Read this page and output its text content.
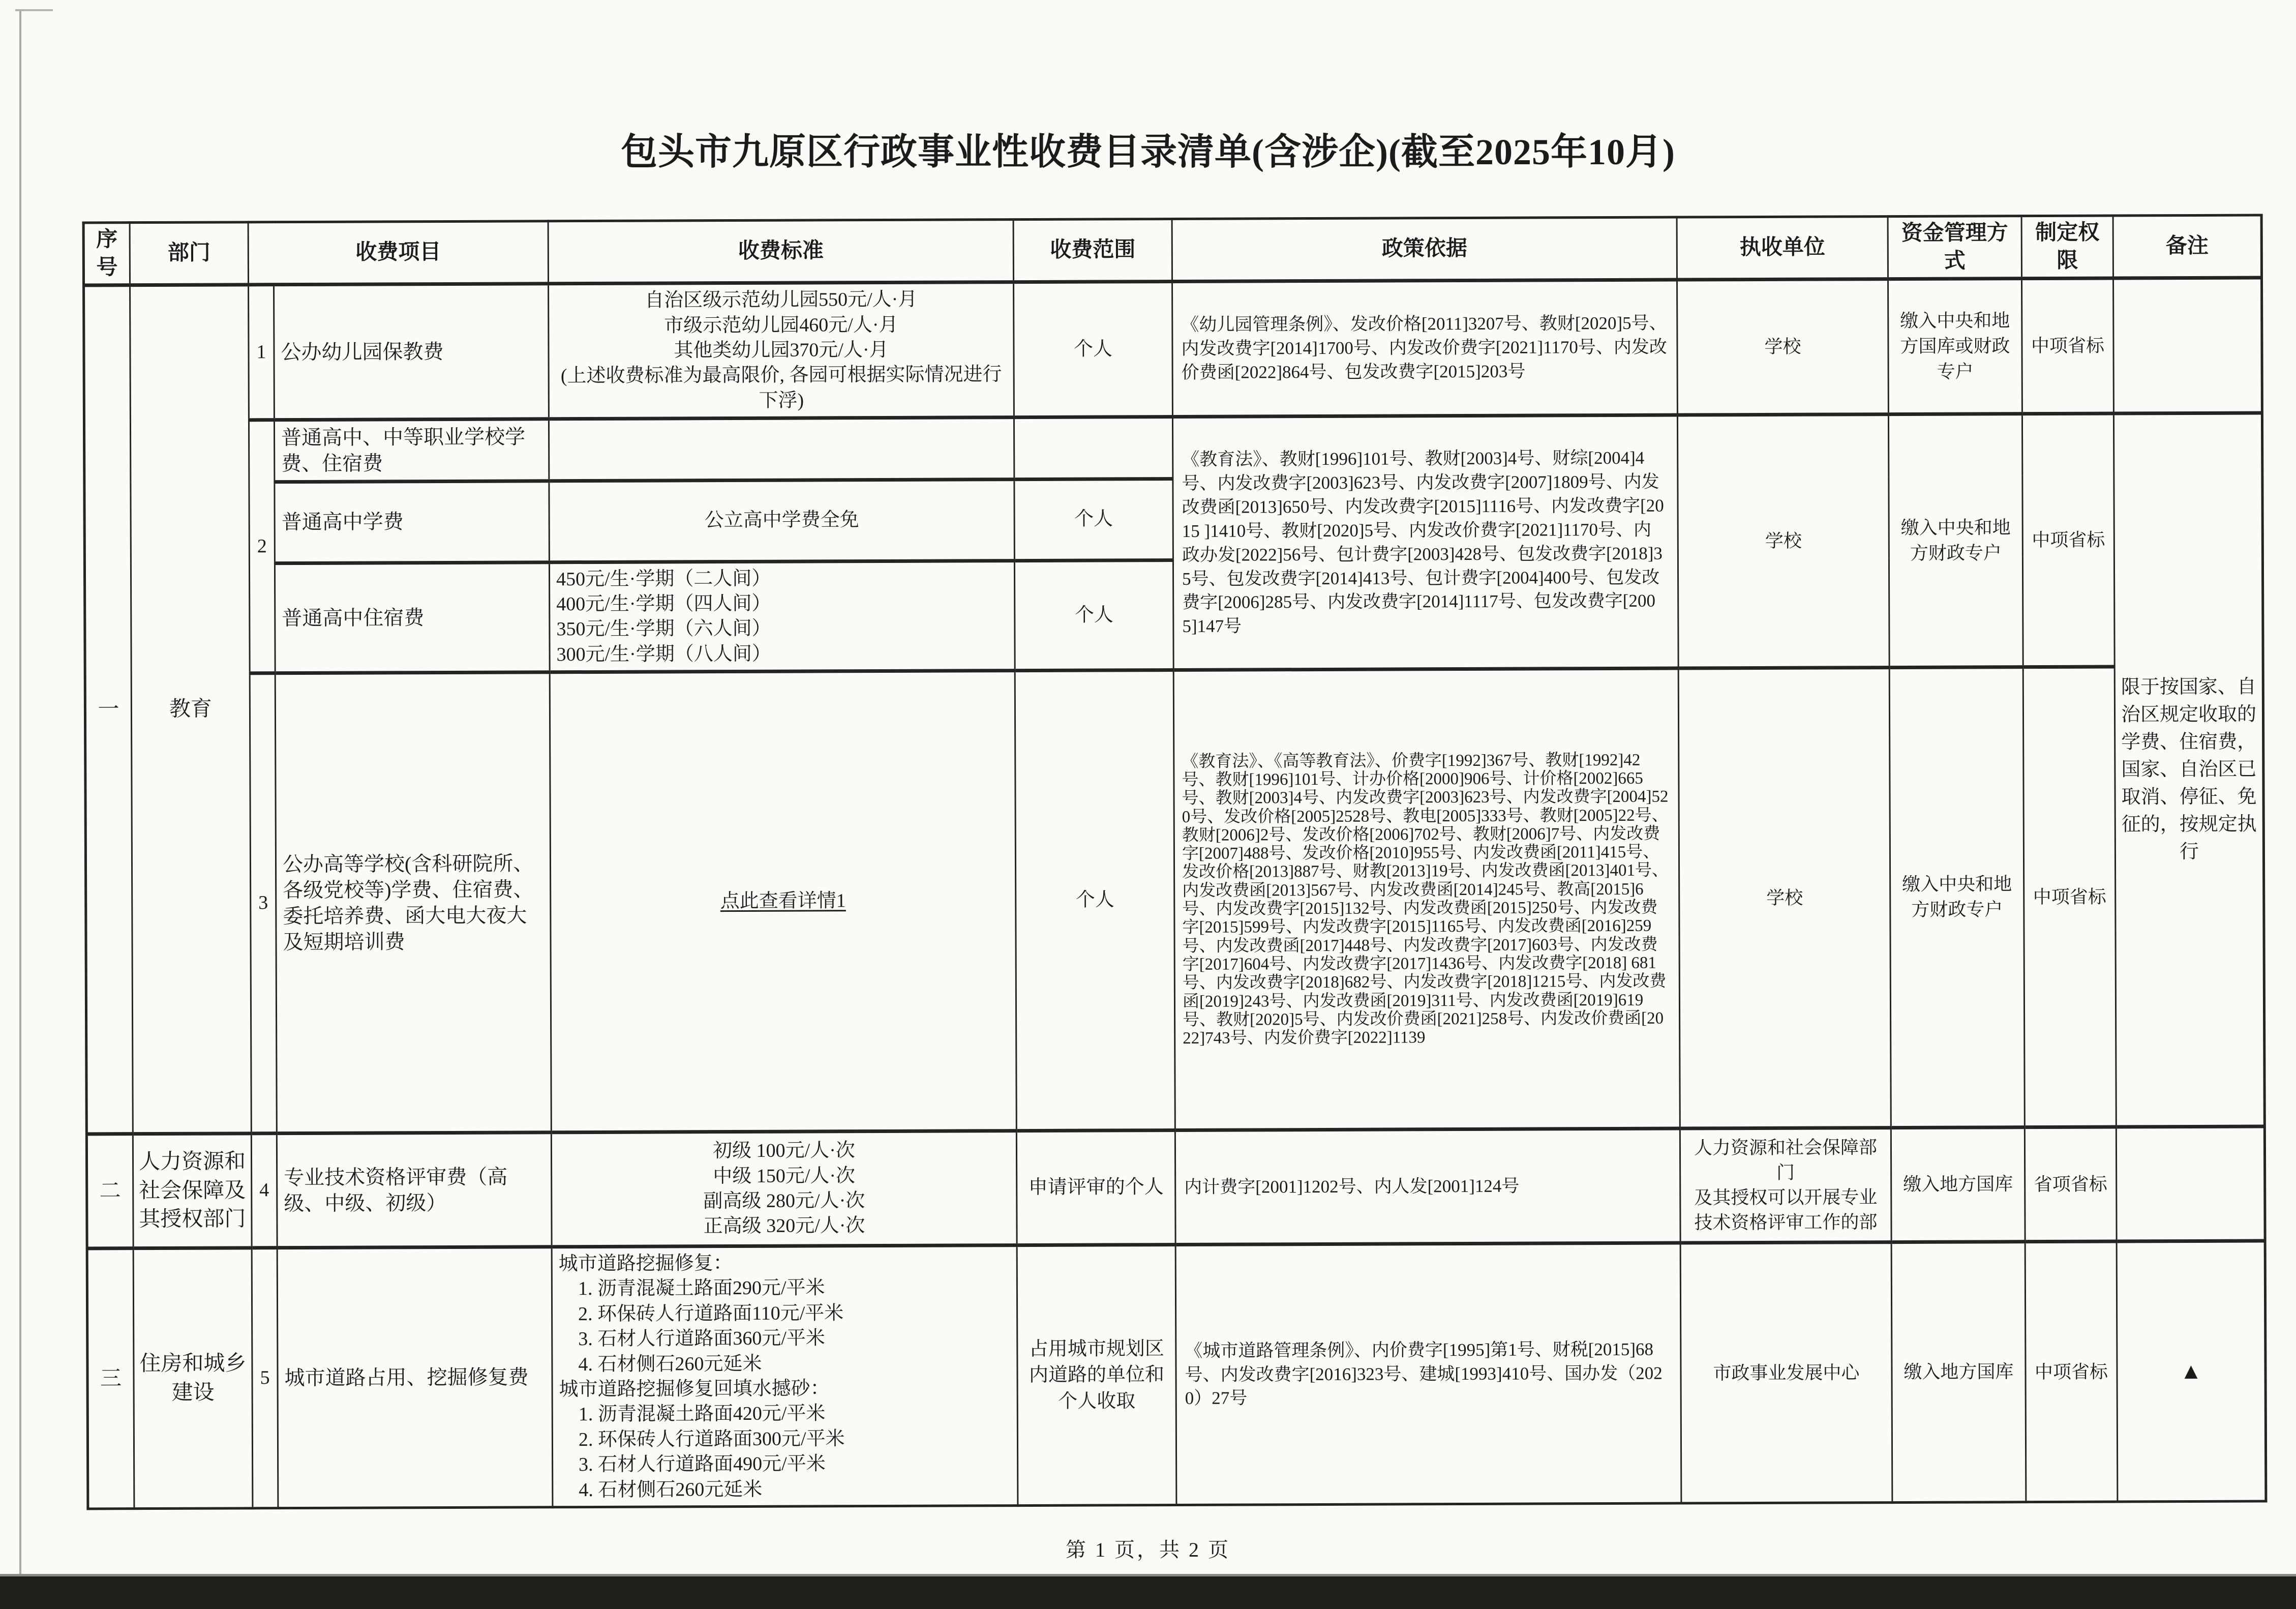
包头市九原区行政事业性收费目录清单(含涉企)(截至2025年10月)
序号	部门	收费项目		收费标准	收费范围	政策依据	执收单位	资金管理方式	制定权限	备注
一	教育	1	公办幼儿园保教费	自治区级示范幼儿园550元/人·月
市级示范幼儿园460元/人·月
其他类幼儿园370元/人·月
(上述收费标准为最高限价, 各园可根据实际情况进行下浮)	个人	《幼儿园管理条例》、发改价格[2011]3207号、教财[2020]5号、内发改费字[2014]1700号、内发改价费字[2021]1170号、内发改价费函[2022]864号、包发改费字[2015]203号	学校	缴入中央和地方国库或财政专户	中项省标	
		2	普通高中、中等职业学校学费、住宿费			《教育法》、教财[1996]101号、教财[2003]4号、财综[2004]4号、内发改费字[2003]623号、内发改费字[2007]1809号、内发改费函[2013]650号、内发改费字[2015]1116号、内发改费字[2015 ]1410号、教财[2020]5号、内发改价费字[2021]1170号、内政办发[2022]56号、包计费字[2003]428号、包发改费字[2018]35号、包发改费字[2014]413号、包计费字[2004]400号、包发改费字[2006]285号、内发改费字[2014]1117号、包发改费字[2005]147号	学校	缴入中央和地方财政专户	中项省标	限于按国家、自治区规定收取的学费、住宿费，国家、自治区已取消、停征、免征的，按规定执行
			普通高中学费	公立高中学费全免	个人					
			普通高中住宿费	450元/生·学期（二人间）
400元/生·学期（四人间）
350元/生·学期（六人间）
300元/生·学期（八人间）	个人					
		3	公办高等学校(含科研院所、各级党校等)学费、住宿费、委托培养费、函大电大夜大及短期培训费	点此查看详情1	个人	《教育法》、《高等教育法》、价费字[1992]367号、教财[1992]42号、教财[1996]101号、计办价格[2000]906号、计价格[2002]665号、教财[2003]4号、内发改费字[2003]623号、内发改费字[2004]520号、发改价格[2005]2528号、教电[2005]333号、教财[2005]22号、教财[2006]2号、发改价格[2006]702号、教财[2006]7号、内发改费字[2007]488号、发改价格[2010]955号、内发改费函[2011]415号、发改价格[2013]887号、财教[2013]19号、内发改费函[2013]401号、内发改费函[2013]567号、内发改费函[2014]245号、教高[2015]6号、内发改费字[2015]132号、内发改费函[2015]250号、内发改费字[2015]599号、内发改费字[2015]1165号、内发改费函[2016]259号、内发改费函[2017]448号、内发改费字[2017]603号、内发改费字[2017]604号、内发改费字[2017]1436号、内发改费字[2018] 681号、内发改费字[2018]682号、内发改费字[2018]1215号、内发改费函[2019]243号、内发改费函[2019]311号、内发改费函[2019]619号、教财[2020]5号、内发改价费函[2021]258号、内发改价费函[2022]743号、内发价费字[2022]1139	学校	缴入中央和地方财政专户	中项省标	
二	人力资源和社会保障及其授权部门	4	专业技术资格评审费（高级、中级、初级）	初级 100元/人·次
中级 150元/人·次
副高级 280元/人·次
正高级 320元/人·次	申请评审的个人	内计费字[2001]1202号、内人发[2001]124号	人力资源和社会保障部门
及其授权可以开展专业技术资格评审工作的部	缴入地方国库	省项省标	
三	住房和城乡建设	5	城市道路占用、挖掘修复费	城市道路挖掘修复：
　1. 沥青混凝土路面290元/平米
　2. 环保砖人行道路面110元/平米
　3. 石材人行道路面360元/平米
　4. 石材侧石260元延米
城市道路挖掘修复回填水撼砂：
　1. 沥青混凝土路面420元/平米
　2. 环保砖人行道路面300元/平米
　3. 石材人行道路面490元/平米
　4. 石材侧石260元延米	占用城市规划区内道路的单位和个人收取	《城市道路管理条例》、内价费字[1995]第1号、财税[2015]68号、内发改费字[2016]323号、建城[1993]410号、国办发（2020）27号	市政事业发展中心	缴入地方国库	中项省标	▲
第 1 页，共 2 页
